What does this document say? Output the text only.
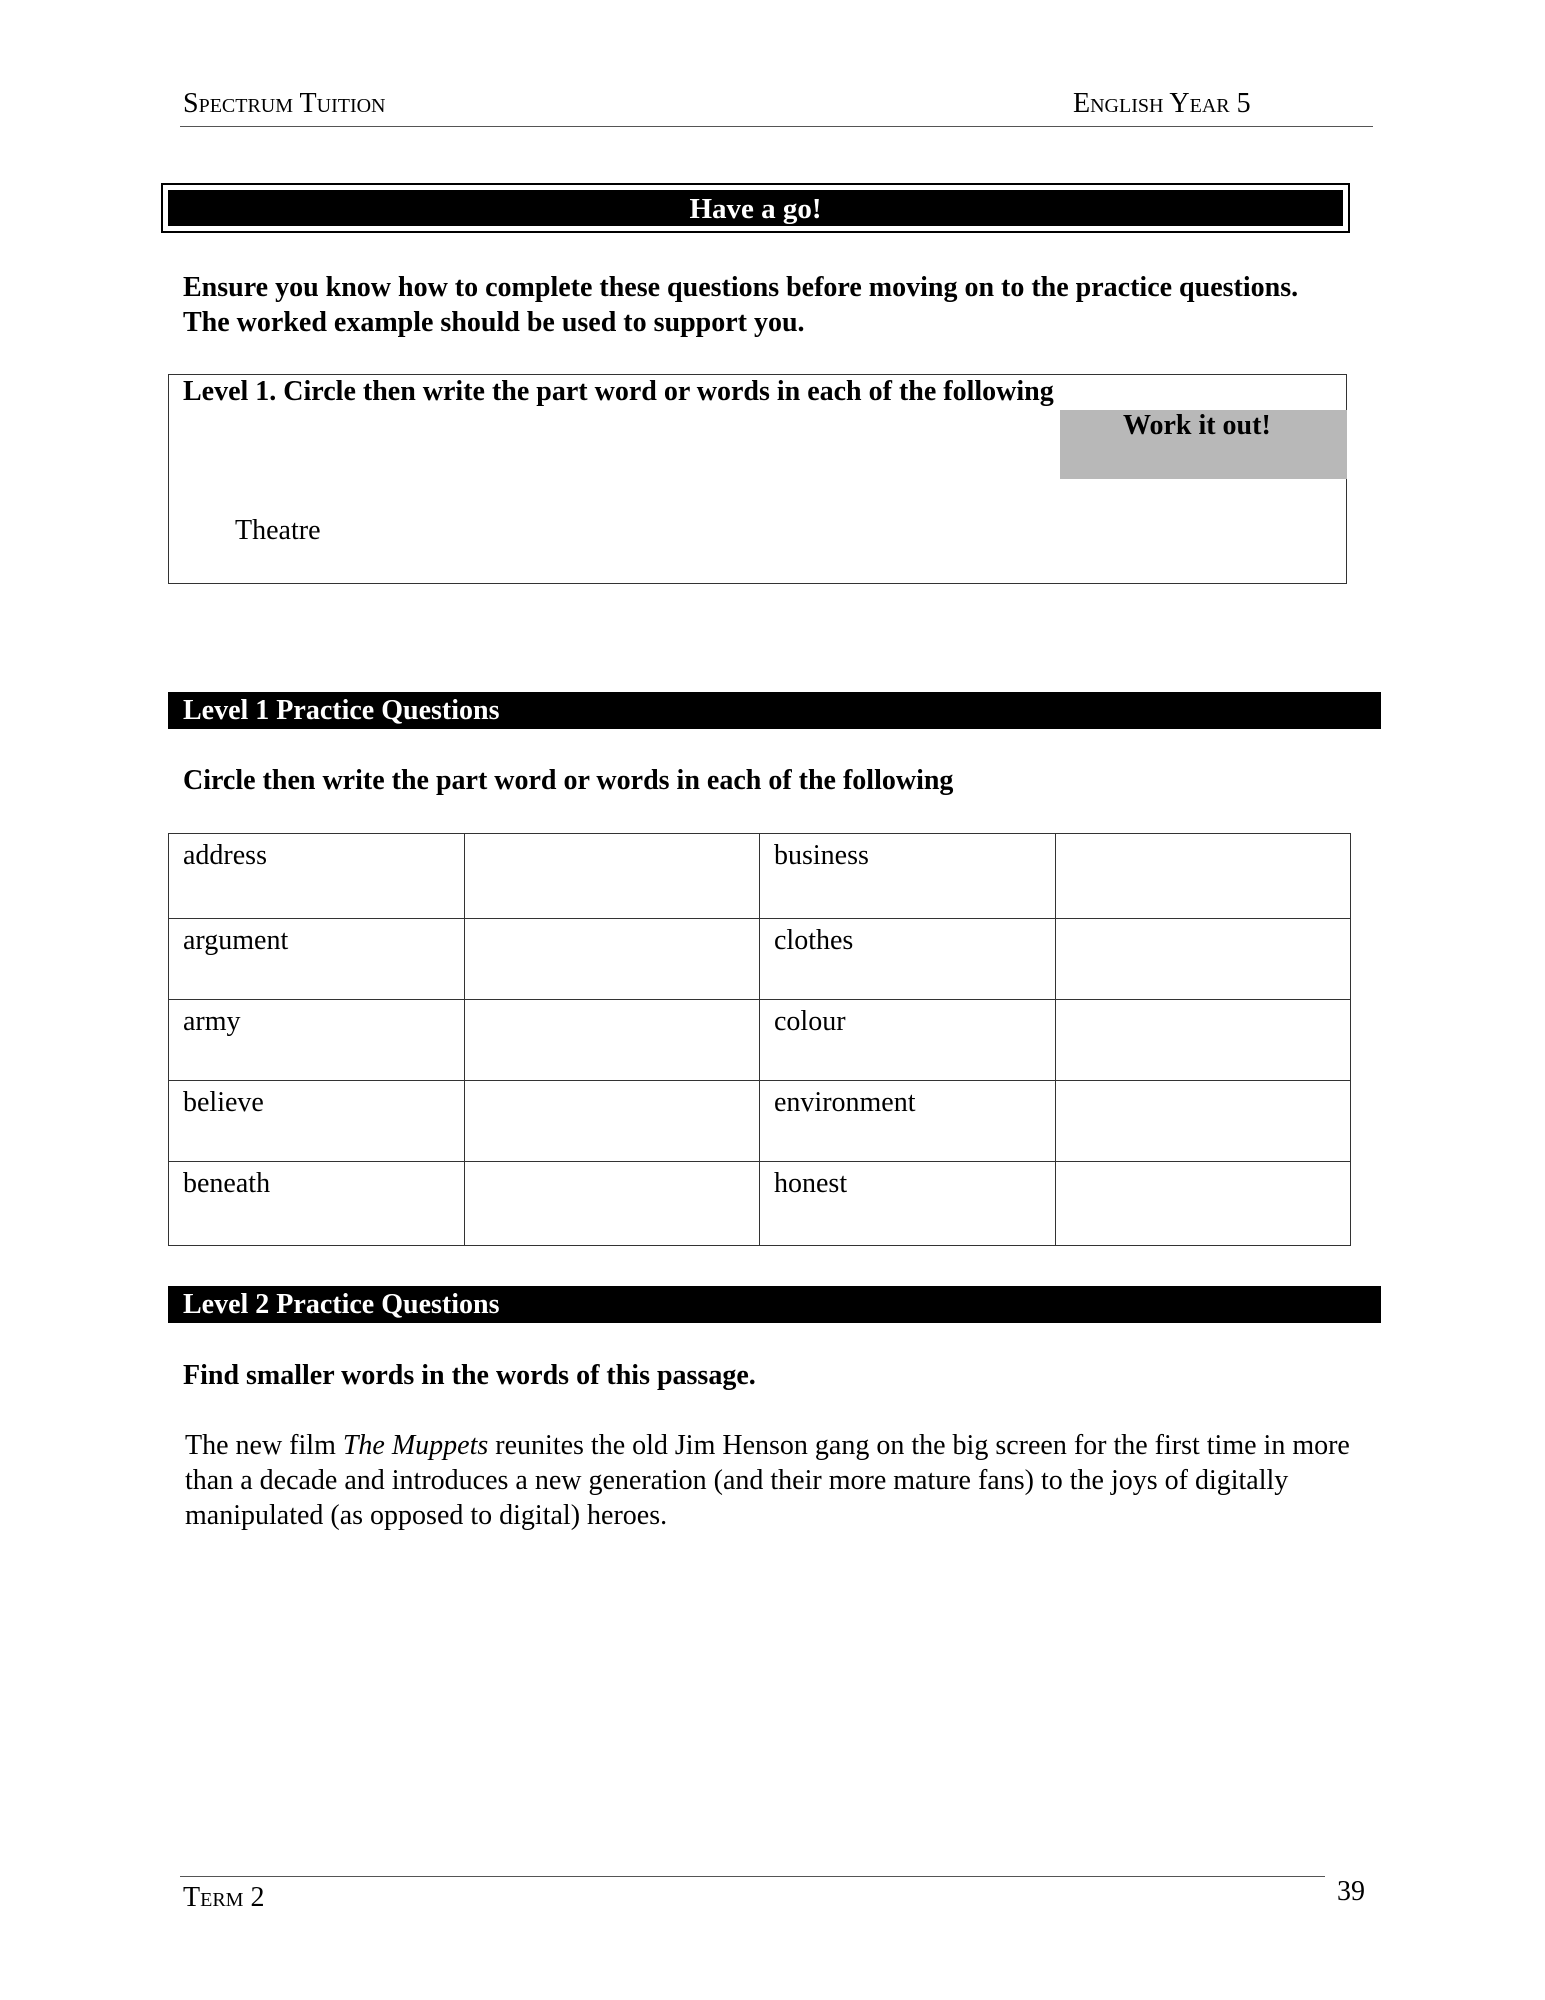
Spectrum Tuition	English Year 5
Have a go!
Ensure you know how to complete these questions before moving on to the practice questions. The worked example should be used to support you.
Level 1. Circle then write the part word or words in each of the following
Work it out!
Theatre
Level 1 Practice Questions
Circle then write the part word or words in each of the following
address		business	
argument		clothes	
army		colour	
believe		environment	
beneath		honest	
Level 2 Practice Questions
Find smaller words in the words of this passage.
The new film The Muppets reunites the old Jim Henson gang on the big screen for the first time in more than a decade and introduces a new generation (and their more mature fans) to the joys of digitally manipulated (as opposed to digital) heroes.
Term 2	39
